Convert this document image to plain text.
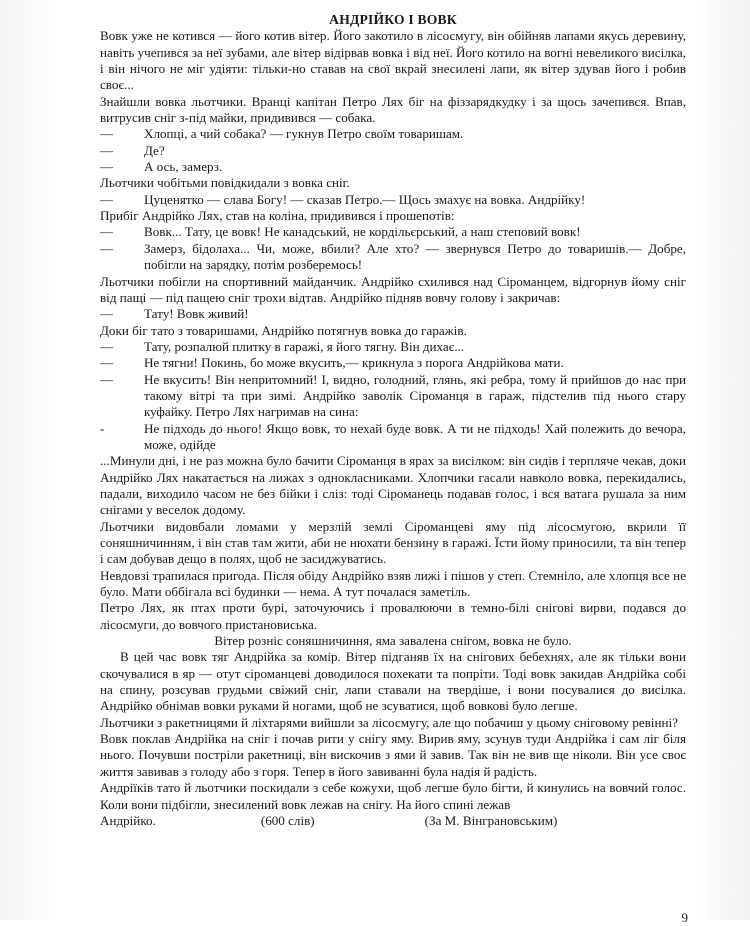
АНДРІЙКО І ВОВК

Вовк уже не котився — його котив вітер. Його закотило в лісосмугу, він обійняв лапами якусь деревину, навіть учепився за неї зубами, але вітер відірвав вовка і від неї. Його котило на вогні невеликого висілка, і він нічого не міг удіяти: тільки-но ставав на свої вкрай знесилені лапи, як вітер здував його і робив своє...

Знайшли вовка льотчики. Вранці капітан Петро Лях біг на фіззарядкудку і за щось зачепився. Впав, витрусив сніг з-під майки, придивився — собака.

—	Хлопці, а чий собака? — гукнув Петро своїм товаришам.
—	Де?
—	А ось, замерз.

Льотчики чобітьми повідкидали з вовка сніг.

—	Цуценятко — слава Богу! — сказав Петро.— Щось змахує на вовка. Андрійку!

Прибіг Андрійко Лях, став на коліна, придивився і прошепотів:

—	Вовк... Тату, це вовк! Не канадський, не кордільєрський, а наш степовий вовк!
—	Замерз, бідолаха... Чи, може, вбили? Але хто? — звернувся Петро до товаришів.— Добре, побігли на зарядку, потім розберемось!

Льотчики побігли на спортивний майданчик. Андрійко схилився над Сіроманцем, відгорнув йому сніг від пащі — під пащею сніг трохи відтав. Андрійко підняв вовчу голову і закричав:

—	Тату! Вовк живий!

Доки біг тато з товаришами, Андрійко потягнув вовка до гаражів.

—	Тату, розпалюй плитку в гаражі, я його тягну. Він дихає...
—	Не тягни! Покинь, бо може вкусить,— крикнула з порога Андрійкова мати.
—	Не вкусить! Він непритомний! І, видно, голодний, глянь, які ребра, тому й прийшов до нас при такому вітрі та при зимі. Андрійко заволік Сіроманця в гараж, підстелив під нього стару куфайку. Петро Лях нагримав на сина:
-	Не підходь до нього! Якщо вовк, то нехай буде вовк. А ти не підходь! Хай полежить до вечора, може, одійде

...Минули дні, і не раз можна було бачити Сіроманця в ярах за висілком: він сидів і терпляче чекав, доки Андрійко Лях накатається на лижах з однокласниками. Хлопчики гасали навколо вовка, перекидались, падали, виходило часом не без бійки і сліз: тоді Сіроманець подавав голос, і вся ватага рушала за ним снігами у веселок додому.

Льотчики видовбали ломами у мерзлій землі Сіроманцеві яму під лісосмугою, вкрили її соняшничинням, і він став там жити, аби не нюхати бензину в гаражі. Їсти йому приносили, та він тепер і сам добував дещо в полях, щоб не засиджуватись.

Невдовзі трапилася пригода. Після обіду Андрійко взяв лижі і пішов у степ. Стемніло, але хлопця все не було. Мати оббігала всі будинки — нема. А тут почалася заметіль.

Петро Лях, як птах проти бурі, заточуючись і провалюючи в темно-білі снігові вирви, подався до лісосмуги, до вовчого пристановиська.

Вітер розніс соняшничиння, яма завалена снігом, вовка не було.

В цей час вовк тяг Андрійка за комір. Вітер підганяв їх на снігових бебехнях, але як тільки вони скочувалися в яр — отут сіроманцеві доводилося похекати та попріти. Тоді вовк закидав Андрійка собі на спину, розсував грудьми свіжий сніг, лапи ставали на твердіше, і вони посувалися до висілка. Андрійко обнімав вовки руками й ногами, щоб не зсуватися, щоб вовкові було легше.

Льотчики з ракетницями й ліхтарями вийшли за лісосмугу, але що побачиш у цьому сніговому ревінні?

Вовк поклав Андрійка на сніг і почав рити у снігу яму. Вирив яму, зсунув туди Андрійка і сам ліг біля нього. Почувши постріли ракетниці, він вискочив з ями й завив. Так він не вив ще ніколи. Він усе своє життя завивав з голоду або з горя. Тепер в його завиванні була надія й радість.

Андріїків тато й льотчики поскидали з себе кожухи, щоб легше було бігти, й кинулись на вовчий голос. Коли вони підбігли, знесилений вовк лежав на снігу. На його спині лежав

Андрійко.	(600 слів)	(За М. Вінграновським)
9
